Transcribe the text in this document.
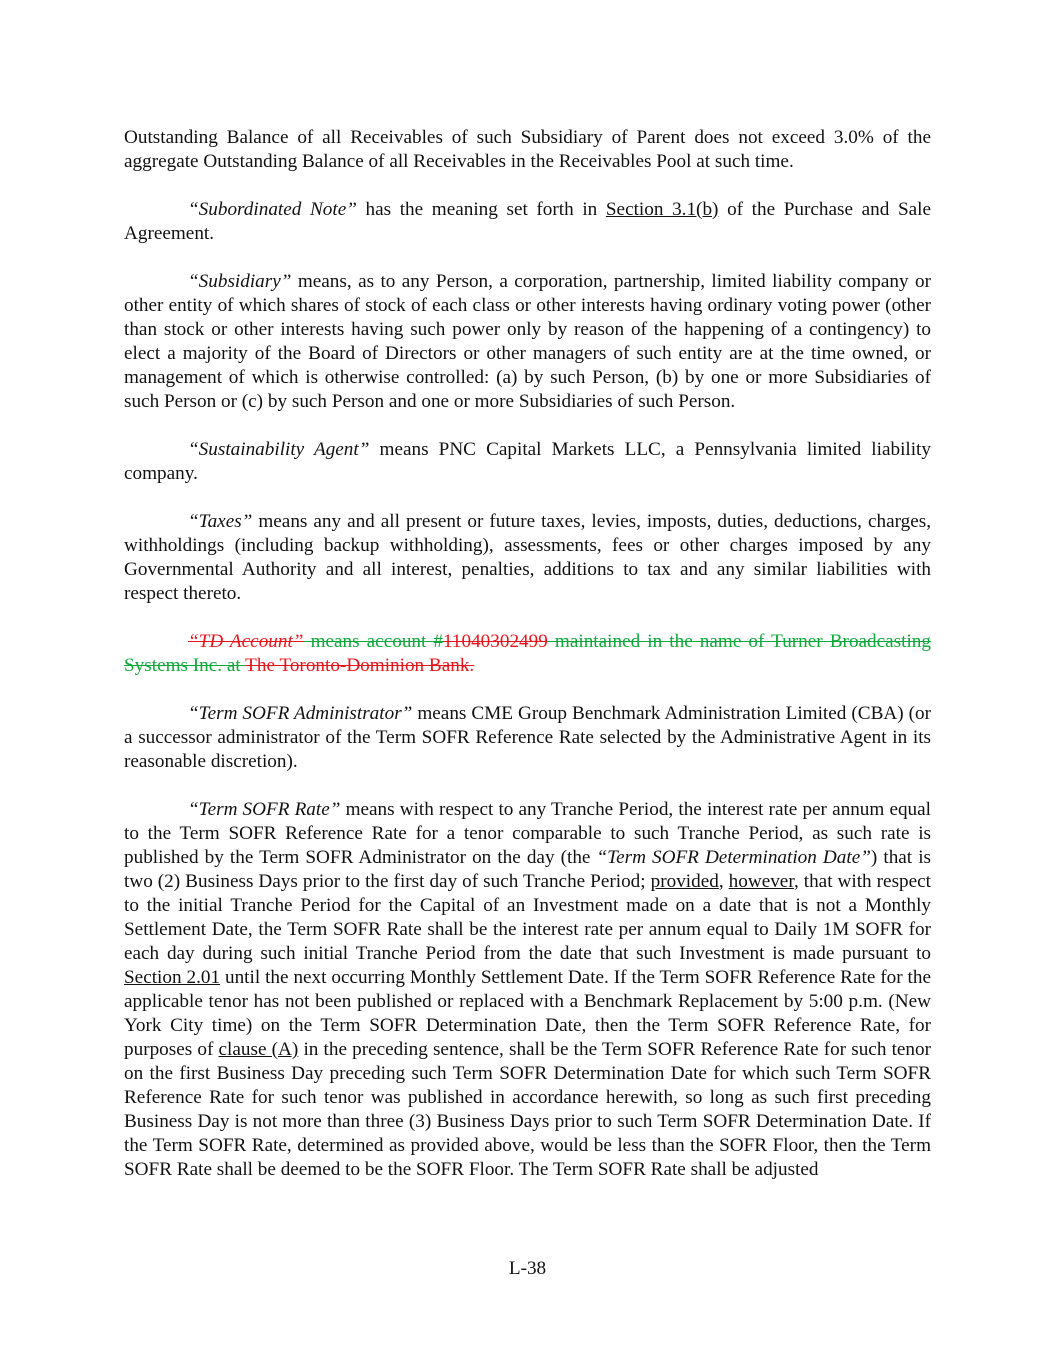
Outstanding Balance of all Receivables of such Subsidiary of Parent does not exceed 3.0% of the aggregate Outstanding Balance of all Receivables in the Receivables Pool at such time.

“Subordinated Note” has the meaning set forth in Section 3.1(b) of the Purchase and Sale Agreement.

“Subsidiary” means, as to any Person, a corporation, partnership, limited liability company or other entity of which shares of stock of each class or other interests having ordinary voting power (other than stock or other interests having such power only by reason of the happening of a contingency) to elect a majority of the Board of Directors or other managers of such entity are at the time owned, or management of which is otherwise controlled: (a) by such Person, (b) by one or more Subsidiaries of such Person or (c) by such Person and one or more Subsidiaries of such Person.

“Sustainability Agent” means PNC Capital Markets LLC, a Pennsylvania limited liability company.

“Taxes” means any and all present or future taxes, levies, imposts, duties, deductions, charges, withholdings (including backup withholding), assessments, fees or other charges imposed by any Governmental Authority and all interest, penalties, additions to tax and any similar liabilities with respect thereto.

“TD Account” means account #11040302499 maintained in the name of Turner Broadcasting Systems Inc. at The Toronto-Dominion Bank.

“Term SOFR Administrator” means CME Group Benchmark Administration Limited (CBA) (or a successor administrator of the Term SOFR Reference Rate selected by the Administrative Agent in its reasonable discretion).

“Term SOFR Rate” means with respect to any Tranche Period, the interest rate per annum equal to the Term SOFR Reference Rate for a tenor comparable to such Tranche Period, as such rate is published by the Term SOFR Administrator on the day (the “Term SOFR Determination Date”) that is two (2) Business Days prior to the first day of such Tranche Period; provided, however, that with respect to the initial Tranche Period for the Capital of an Investment made on a date that is not a Monthly Settlement Date, the Term SOFR Rate shall be the interest rate per annum equal to Daily 1M SOFR for each day during such initial Tranche Period from the date that such Investment is made pursuant to Section 2.01 until the next occurring Monthly Settlement Date. If the Term SOFR Reference Rate for the applicable tenor has not been published or replaced with a Benchmark Replacement by 5:00 p.m. (New York City time) on the Term SOFR Determination Date, then the Term SOFR Reference Rate, for purposes of clause (A) in the preceding sentence, shall be the Term SOFR Reference Rate for such tenor on the first Business Day preceding such Term SOFR Determination Date for which such Term SOFR Reference Rate for such tenor was published in accordance herewith, so long as such first preceding Business Day is not more than three (3) Business Days prior to such Term SOFR Determination Date. If the Term SOFR Rate, determined as provided above, would be less than the SOFR Floor, then the Term SOFR Rate shall be deemed to be the SOFR Floor. The Term SOFR Rate shall be adjusted

L-38
